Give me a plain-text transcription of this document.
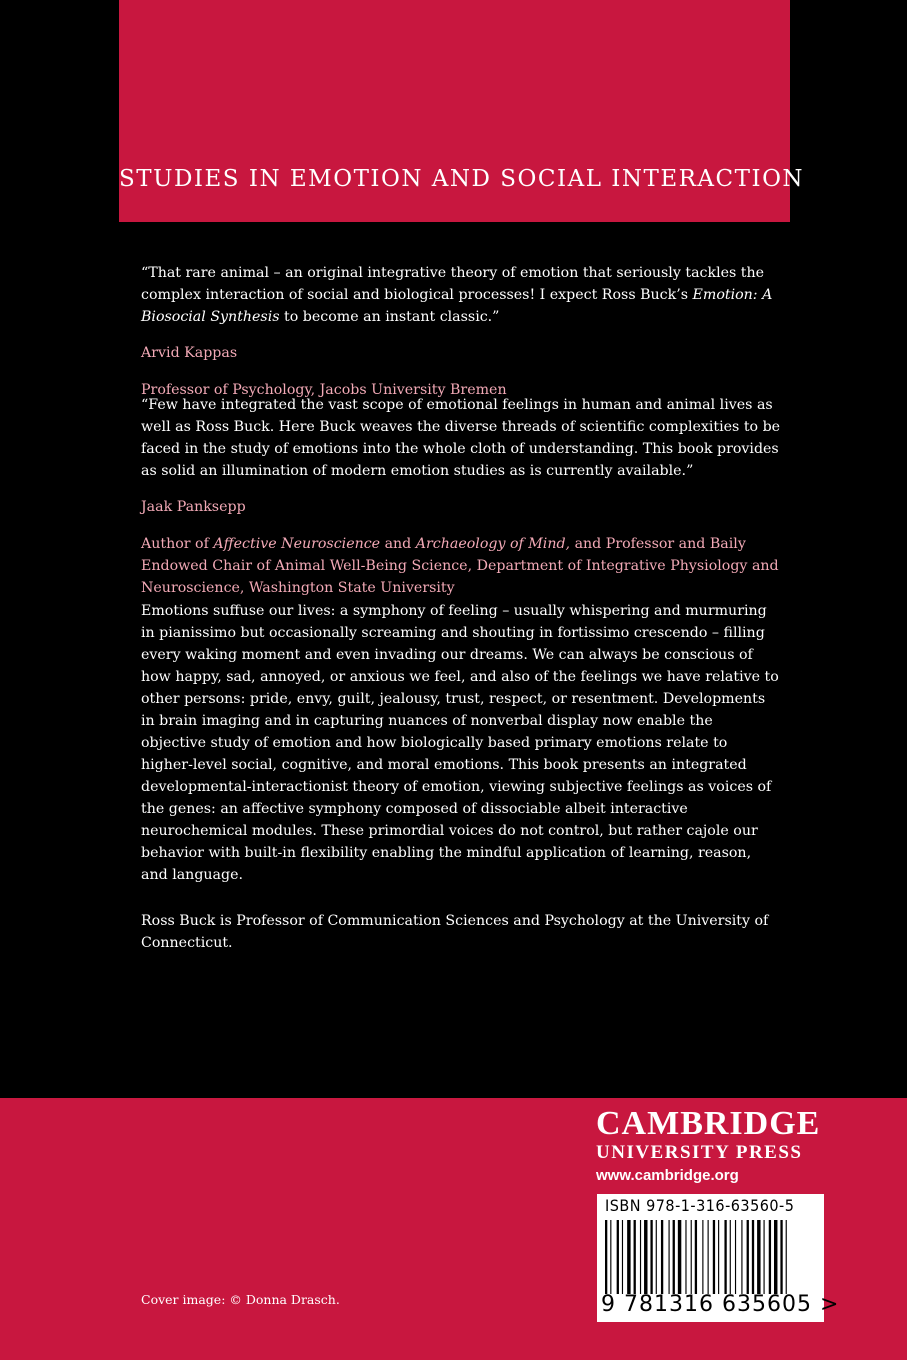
STUDIES IN EMOTION AND SOCIAL INTERACTION

“That rare animal – an original integrative theory of emotion that seriously tackles the complex interaction of social and biological processes! I expect Ross Buck’s Emotion: A Biosocial Synthesis to become an instant classic.”

Arvid Kappas

Professor of Psychology, Jacobs University Bremen

“Few have integrated the vast scope of emotional feelings in human and animal lives as well as Ross Buck. Here Buck weaves the diverse threads of scientific complexities to be faced in the study of emotions into the whole cloth of understanding. This book provides as solid an illumination of modern emotion studies as is currently available.”

Jaak Panksepp

Author of Affective Neuroscience and Archaeology of Mind, and Professor and Baily Endowed Chair of Animal Well-Being Science, Department of Integrative Physiology and Neuroscience, Washington State University

Emotions suffuse our lives: a symphony of feeling – usually whispering and murmuring in pianissimo but occasionally screaming and shouting in fortissimo crescendo – filling every waking moment and even invading our dreams. We can always be conscious of how happy, sad, annoyed, or anxious we feel, and also of the feelings we have relative to other persons: pride, envy, guilt, jealousy, trust, respect, or resentment. Developments in brain imaging and in capturing nuances of nonverbal display now enable the objective study of emotion and how biologically based primary emotions relate to higher-level social, cognitive, and moral emotions. This book presents an integrated developmental-interactionist theory of emotion, viewing subjective feelings as voices of the genes: an affective symphony composed of dissociable albeit interactive neurochemical modules. These primordial voices do not control, but rather cajole our behavior with built-in flexibility enabling the mindful application of learning, reason, and language.
Ross Buck is Professor of Communication Sciences and Psychology at the University of Connecticut.
CAMBRIDGE
UNIVERSITY PRESS
www.cambridge.org
ISBN 978-1-316-63560-5
9 781316 635605 >
Cover image: © Donna Drasch.
